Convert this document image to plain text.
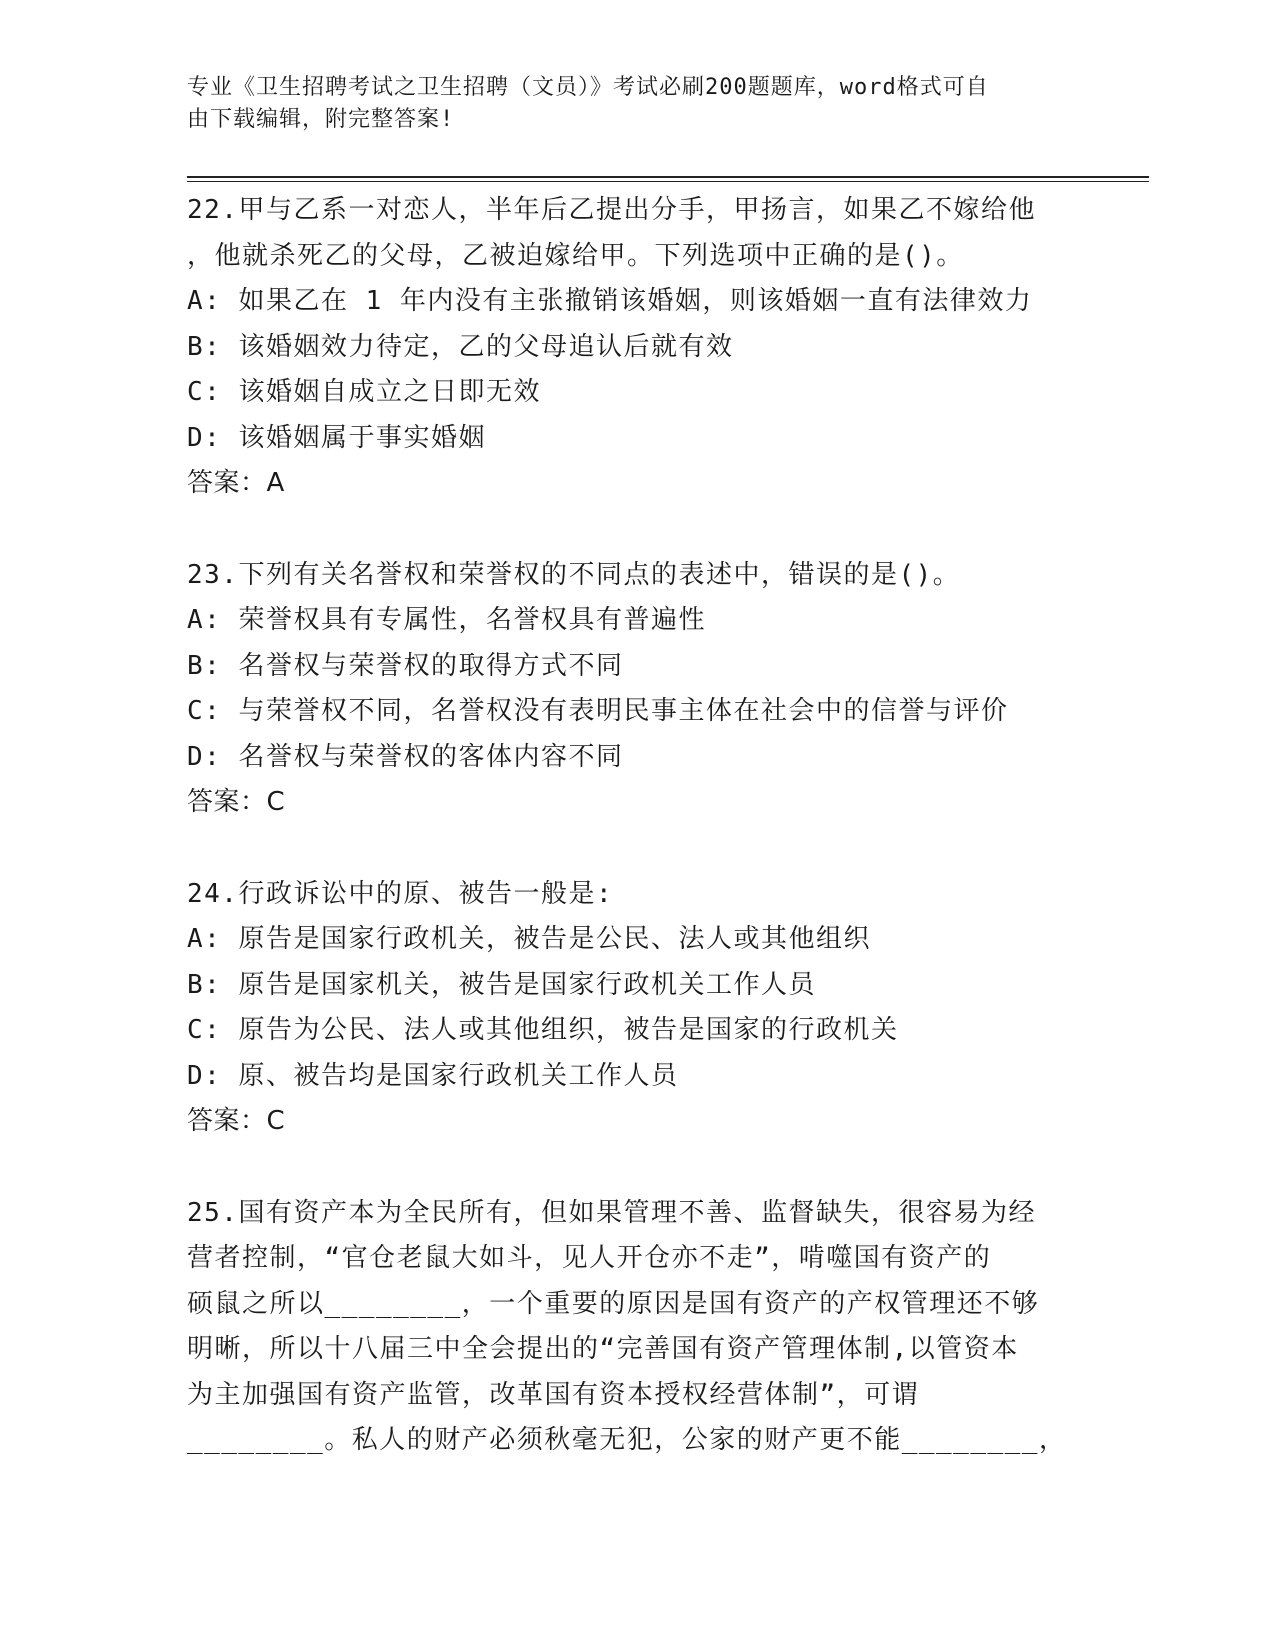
专业《卫生招聘考试之卫生招聘（文员）》考试必刷200题题库，word格式可自
由下载编辑，附完整答案!
22.甲与乙系一对恋人，半年后乙提出分手，甲扬言，如果乙不嫁给他
，他就杀死乙的父母，乙被迫嫁给甲。下列选项中正确的是()。
A: 如果乙在 1 年内没有主张撤销该婚姻，则该婚姻一直有法律效力
B: 该婚姻效力待定，乙的父母追认后就有效
C: 该婚姻自成立之日即无效
D: 该婚姻属于事实婚姻
答案：A
23.下列有关名誉权和荣誉权的不同点的表述中，错误的是()。
A: 荣誉权具有专属性，名誉权具有普遍性
B: 名誉权与荣誉权的取得方式不同
C: 与荣誉权不同，名誉权没有表明民事主体在社会中的信誉与评价
D: 名誉权与荣誉权的客体内容不同
答案：C
24.行政诉讼中的原、被告一般是:
A: 原告是国家行政机关，被告是公民、法人或其他组织
B: 原告是国家机关，被告是国家行政机关工作人员
C: 原告为公民、法人或其他组织，被告是国家的行政机关
D: 原、被告均是国家行政机关工作人员
答案：C
25.国有资产本为全民所有，但如果管理不善、监督缺失，很容易为经
营者控制，“官仓老鼠大如斗，见人开仓亦不走”，啃噬国有资产的
硕鼠之所以________，一个重要的原因是国有资产的产权管理还不够
明晰，所以十八届三中全会提出的“完善国有资产管理体制,以管资本
为主加强国有资产监管，改革国有资本授权经营体制”，可谓
________。私人的财产必须秋毫无犯，公家的财产更不能________，
